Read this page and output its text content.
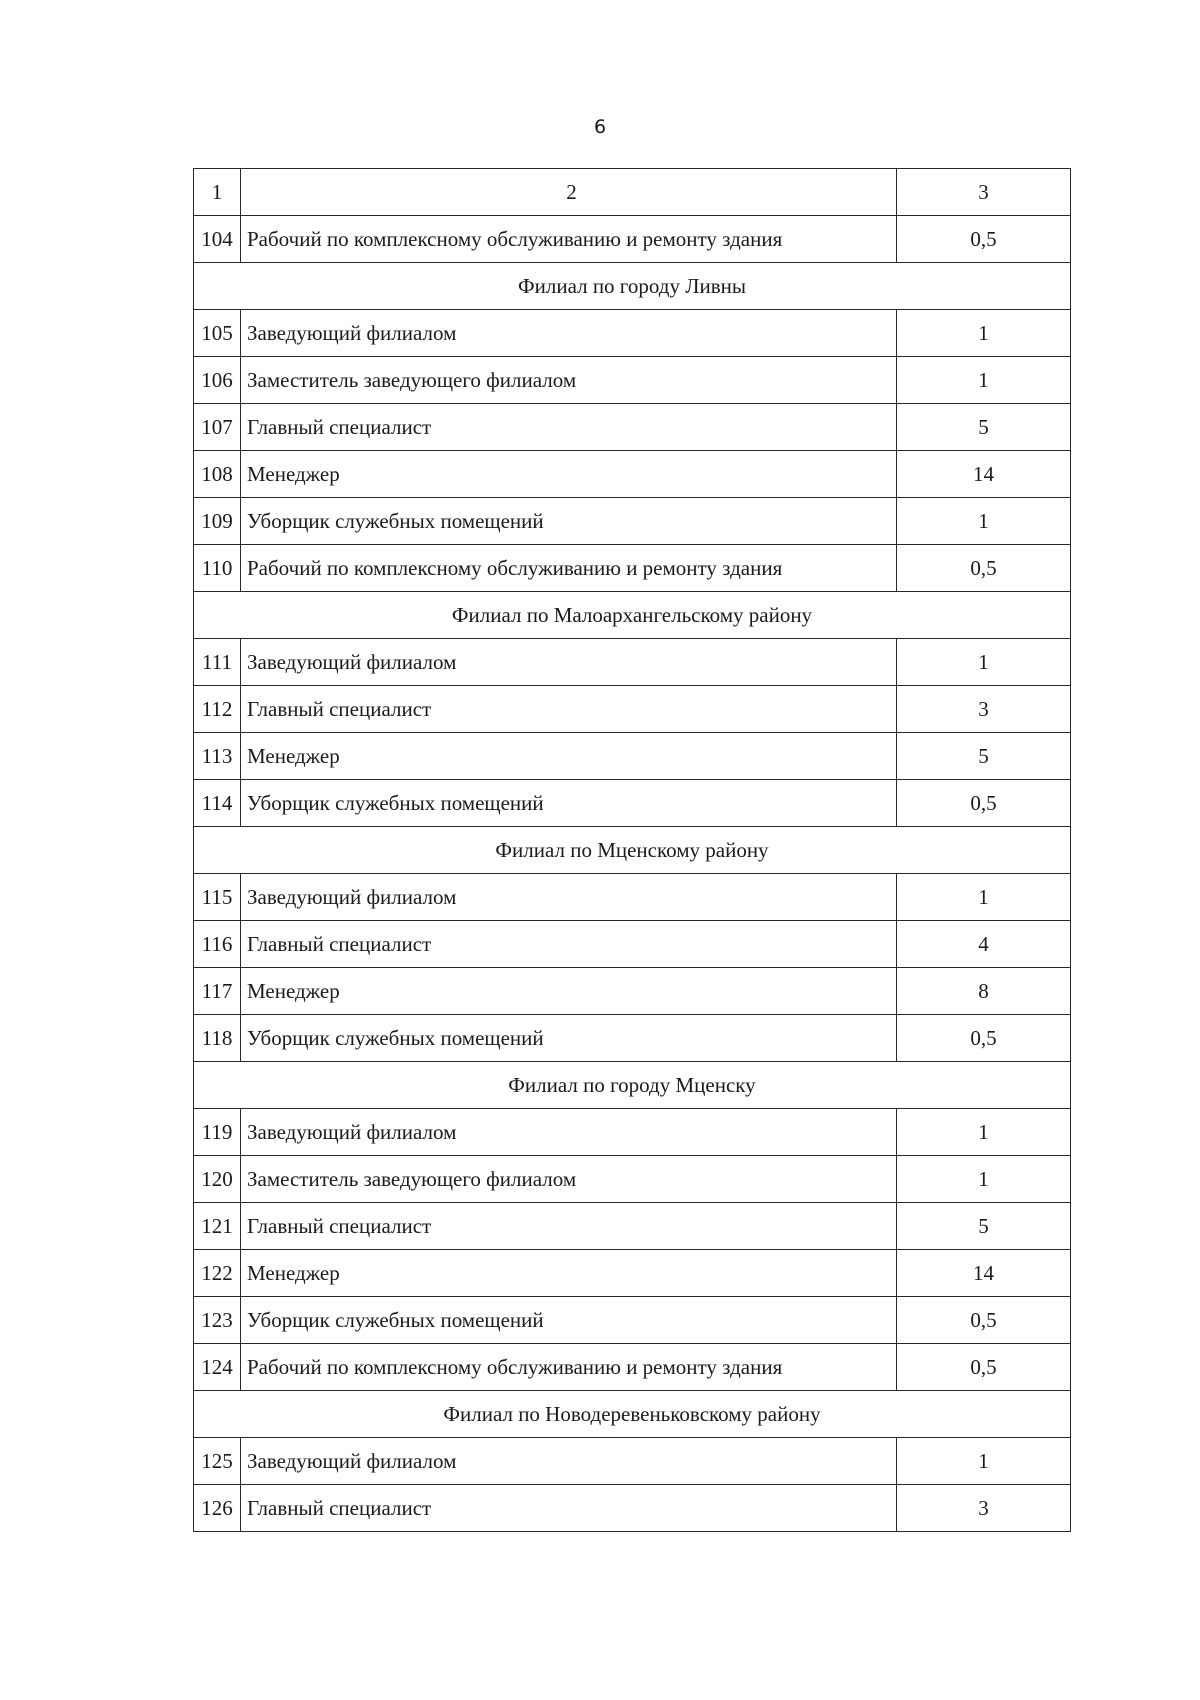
6
1	2	3
104	Рабочий по комплексному обслуживанию и ремонту здания	0,5
Филиал по городу Ливны		
105	Заведующий филиалом	1
106	Заместитель заведующего филиалом	1
107	Главный специалист	5
108	Менеджер	14
109	Уборщик служебных помещений	1
110	Рабочий по комплексному обслуживанию и ремонту здания	0,5
Филиал по Малоархангельскому району		
111	Заведующий филиалом	1
112	Главный специалист	3
113	Менеджер	5
114	Уборщик служебных помещений	0,5
Филиал по Мценскому району		
115	Заведующий филиалом	1
116	Главный специалист	4
117	Менеджер	8
118	Уборщик служебных помещений	0,5
Филиал по городу Мценску		
119	Заведующий филиалом	1
120	Заместитель заведующего филиалом	1
121	Главный специалист	5
122	Менеджер	14
123	Уборщик служебных помещений	0,5
124	Рабочий по комплексному обслуживанию и ремонту здания	0,5
Филиал по Новодеревеньковскому району		
125	Заведующий филиалом	1
126	Главный специалист	3
